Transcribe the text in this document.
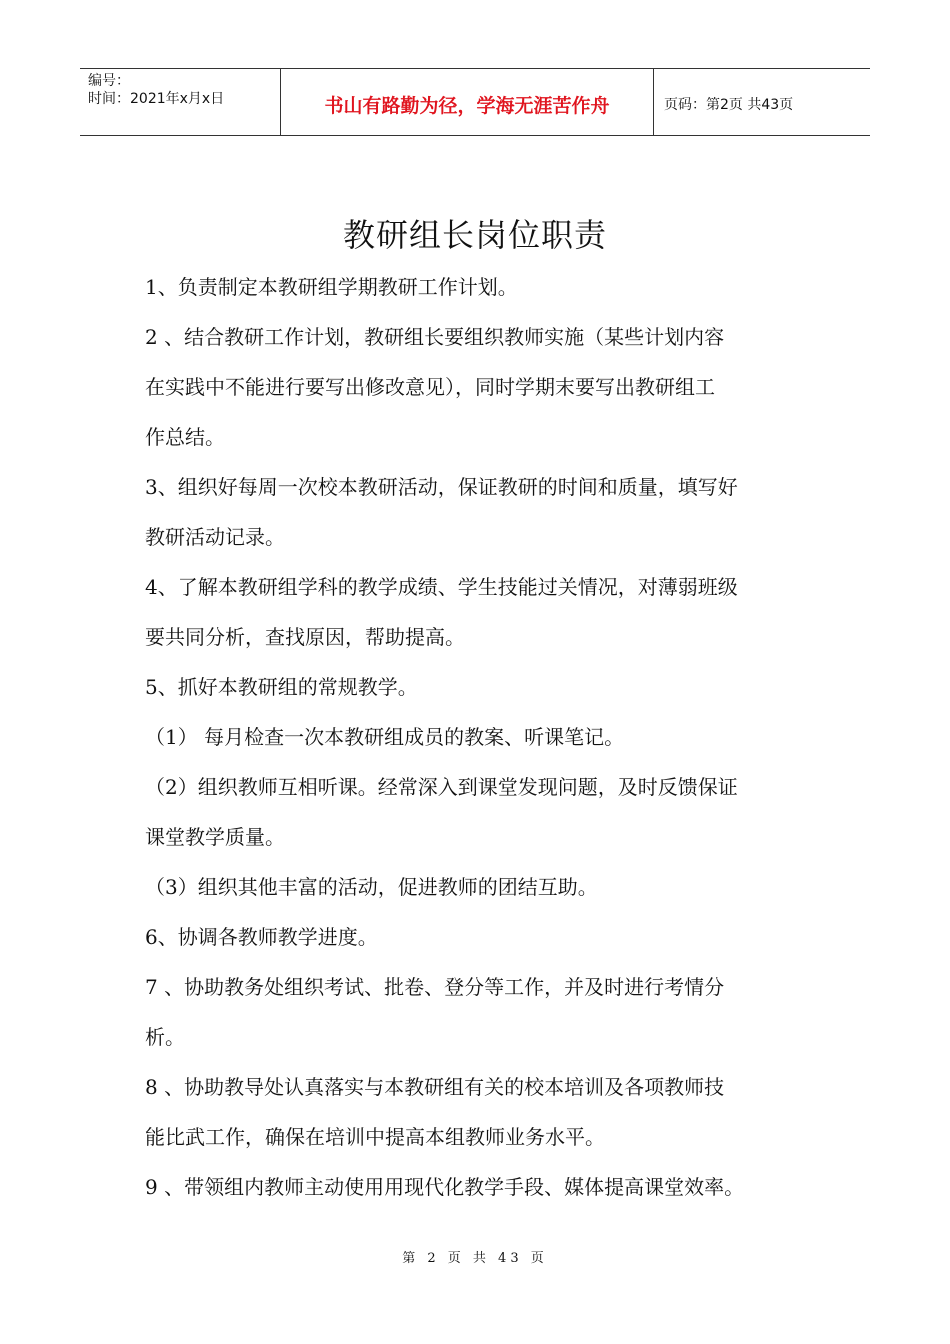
编号：
时间：2021年x月x日	书山有路勤为径，学海无涯苦作舟	页码：第2页 共43页
教研组长岗位职责

1、负责制定本教研组学期教研工作计划。

2 、结合教研工作计划，教研组长要组织教师实施（某些计划内容

在实践中不能进行要写出修改意见），同时学期末要写出教研组工

作总结。

3、组织好每周一次校本教研活动，保证教研的时间和质量，填写好

教研活动记录。

4、了解本教研组学科的教学成绩、学生技能过关情况，对薄弱班级

要共同分析，查找原因，帮助提高。

5、抓好本教研组的常规教学。

（1） 每月检查一次本教研组成员的教案、听课笔记。

（2）组织教师互相听课。经常深入到课堂发现问题，及时反馈保证

课堂教学质量。

（3）组织其他丰富的活动，促进教师的团结互助。

6、协调各教师教学进度。

7 、协助教务处组织考试、批卷、登分等工作，并及时进行考情分

析。

8 、协助教导处认真落实与本教研组有关的校本培训及各项教师技

能比武工作，确保在培训中提高本组教师业务水平。

9 、带领组内教师主动使用用现代化教学手段、媒体提高课堂效率。

第 2 页 共 43 页
